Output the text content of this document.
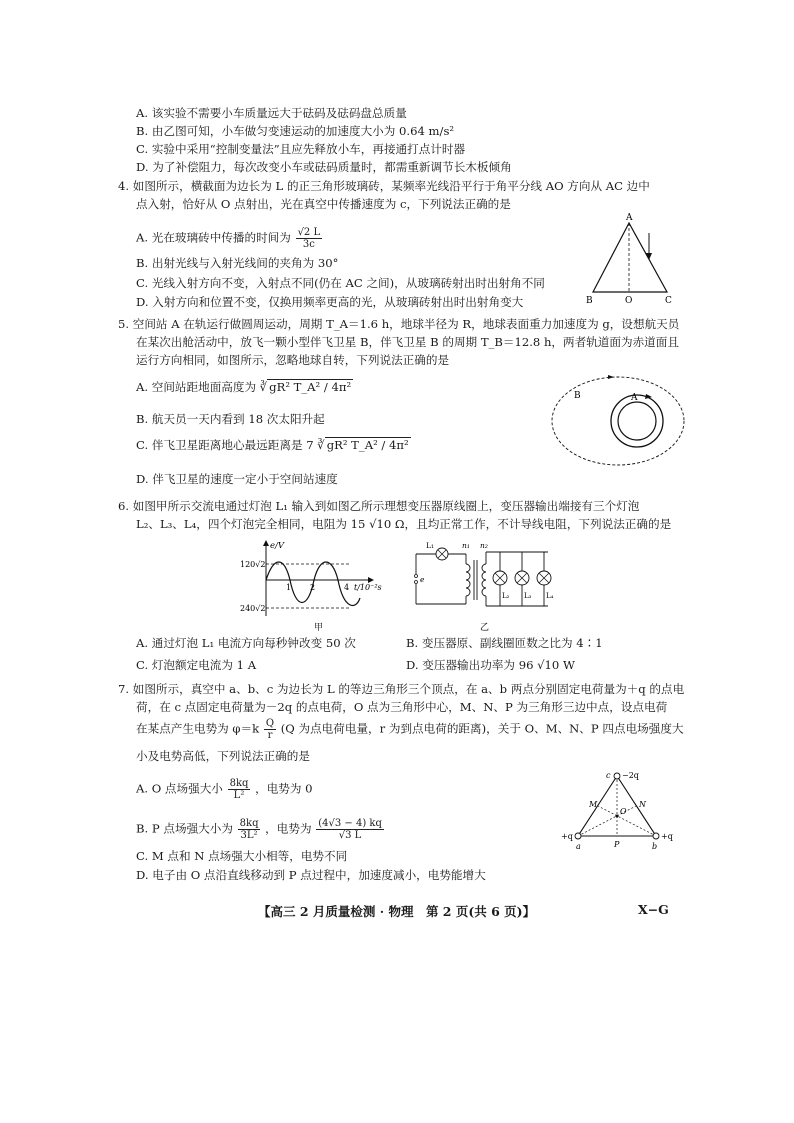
A. 该实验不需要小车质量远大于砝码及砝码盘总质量
B. 由乙图可知，小车做匀变速运动的加速度大小为 0.64 m/s²
C. 实验中采用“控制变量法”且应先释放小车，再接通打点计时器
D. 为了补偿阻力，每次改变小车或砝码质量时，都需重新调节长木板倾角
4. 如图所示，横截面为边长为 L 的正三角形玻璃砖，某频率光线沿平行于角平分线 AO 方向从 AC 边中
点入射，恰好从 O 点射出，光在真空中传播速度为 c，下列说法正确的是
A. 光在玻璃砖中传播的时间为 $\frac{√2 L}{3c}$
B. 出射光线与入射光线间的夹角为 30°
C. 光线入射方向不变，入射点不同(仍在 AC 之间)，从玻璃砖射出时出射角不同
D. 入射方向和位置不变，仅换用频率更高的光，从玻璃砖射出时出射角变大
A
B	O	C
5. 空间站 A 在轨运行做圆周运动，周期 T_A＝1.6 h，地球半径为 R，地球表面重力加速度为 g，设想航天员
在某次出舱活动中，放飞一颗小型伴飞卫星 B，伴飞卫星 B 的周期 T_B＝12.8 h，两者轨道面为赤道面且
运行方向相同，如图所示，忽略地球自转，下列说法正确的是
A. 空间站距地面高度为 ∛ gR² T_A² / 4π²
B. 航天员一天内看到 18 次太阳升起
C. 伴飞卫星距离地心最远距离是 7 ∛ gR² T_A² / 4π²
D. 伴飞卫星的速度一定小于空间站速度
B	A
6. 如图甲所示交流电通过灯泡 L₁ 输入到如图乙所示理想变压器原线圈上，变压器输出端接有三个灯泡
L₂、L₃、L₄，四个灯泡完全相同，电阻为 15 √10 Ω，且均正常工作，不计导线电阻，下列说法正确的是
e/V
120√2
240√2
1 2	4 t/10⁻²s
甲
L₁	n₁ n₂
e
L₂ L₃ L₄
乙
A. 通过灯泡 L₁ 电流方向每秒钟改变 50 次	B. 变压器原、副线圈匝数之比为 4∶1
C. 灯泡额定电流为 1 A	D. 变压器输出功率为 96 √10 W
7. 如图所示，真空中 a、b、c 为边长为 L 的等边三角形三个顶点，在 a、b 两点分别固定电荷量为＋q 的点电
荷，在 c 点固定电荷量为－2q 的点电荷，O 点为三角形中心，M、N、P 为三角形三边中点，设点电荷
在某点产生电势为 $\varphi=k \frac{Q}{r} (Q$ 为点电荷电量，r 为到点电荷的距离)，关于 O、M、N、P 四点电场强度大
小及电势高低，下列说法正确的是
A. O 点场强大小 $\frac{8kq}{\text{L²}}$ ，电势为 0
B. P 点场强大小为 $\frac{8kq}{\text{3L²}}$ ，电势为 $\frac{(4√3 - 4) kq}{√3 L}$
C. M 点和 N 点场强大小相等，电势不同
D. 电子由 O 点沿直线移动到 P 点过程中，加速度减小，电势能增大
c −2q
M	N
O
P
a	b
+q	+q
【高三 2 月质量检测 · 物理　第 2 页(共 6 页)】	X−G
